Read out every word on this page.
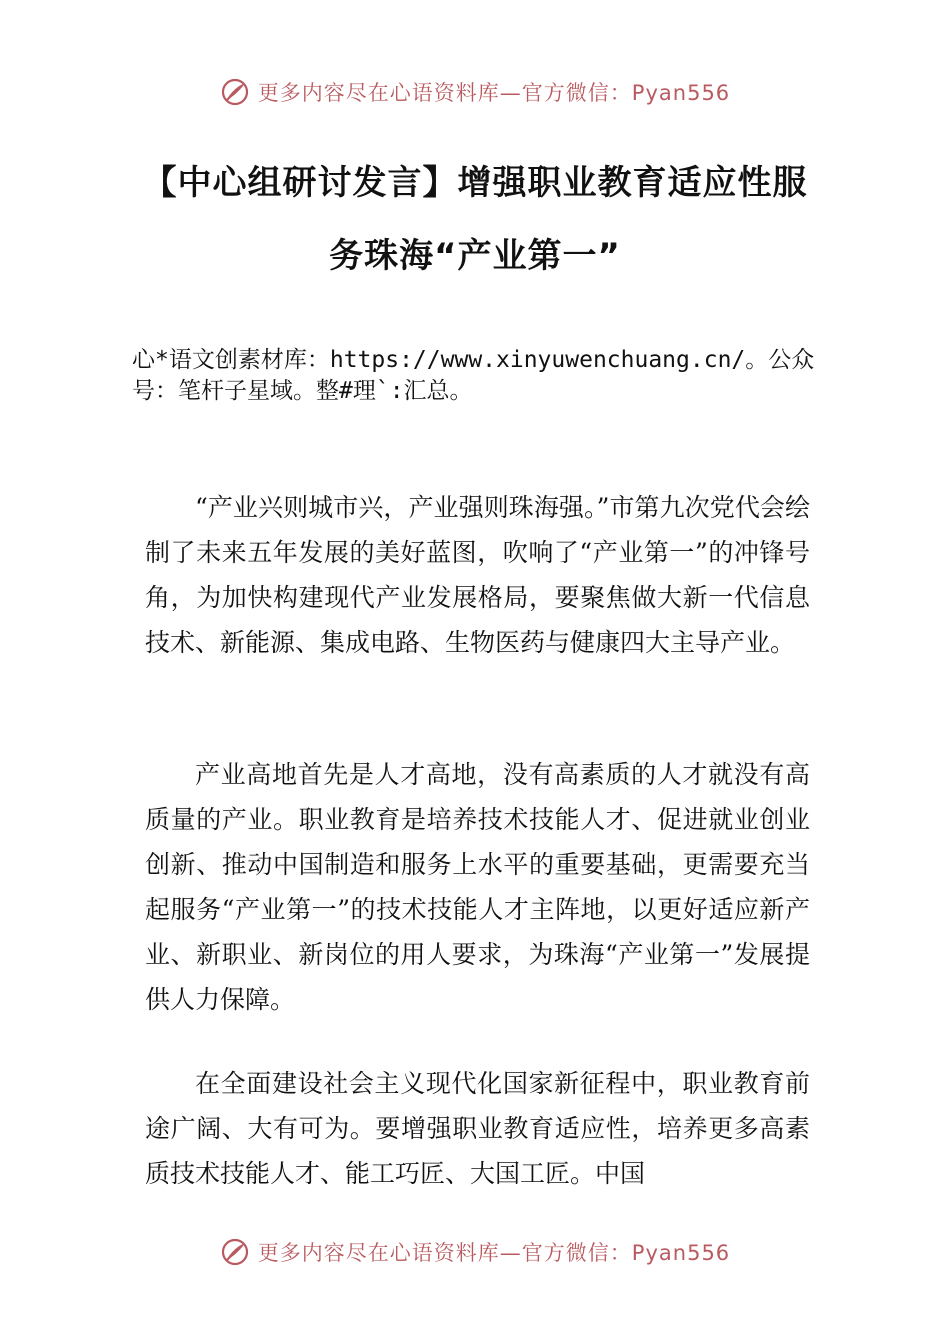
更多内容尽在心语资料库—官方微信：Pyan556
【中心组研讨发言】增强职业教育适应性服
务珠海“产业第一”
心*语文创素材库：https://www.xinyuwenchuang.cn/。公众号：笔杆子星域。整#理`:汇总。

“产业兴则城市兴，产业强则珠海强。”市第九次党代会绘制了未来五年发展的美好蓝图，吹响了“产业第一”的冲锋号角，为加快构建现代产业发展格局，要聚焦做大新一代信息技术、新能源、集成电路、生物医药与健康四大主导产业。

产业高地首先是人才高地，没有高素质的人才就没有高质量的产业。职业教育是培养技术技能人才、促进就业创业创新、推动中国制造和服务上水平的重要基础，更需要充当起服务“产业第一”的技术技能人才主阵地，以更好适应新产业、新职业、新岗位的用人要求，为珠海“产业第一”发展提供人力保障。

在全面建设社会主义现代化国家新征程中，职业教育前途广阔、大有可为。要增强职业教育适应性，培养更多高素质技术技能人才、能工巧匠、大国工匠。中国

更多内容尽在心语资料库—官方微信：Pyan556
